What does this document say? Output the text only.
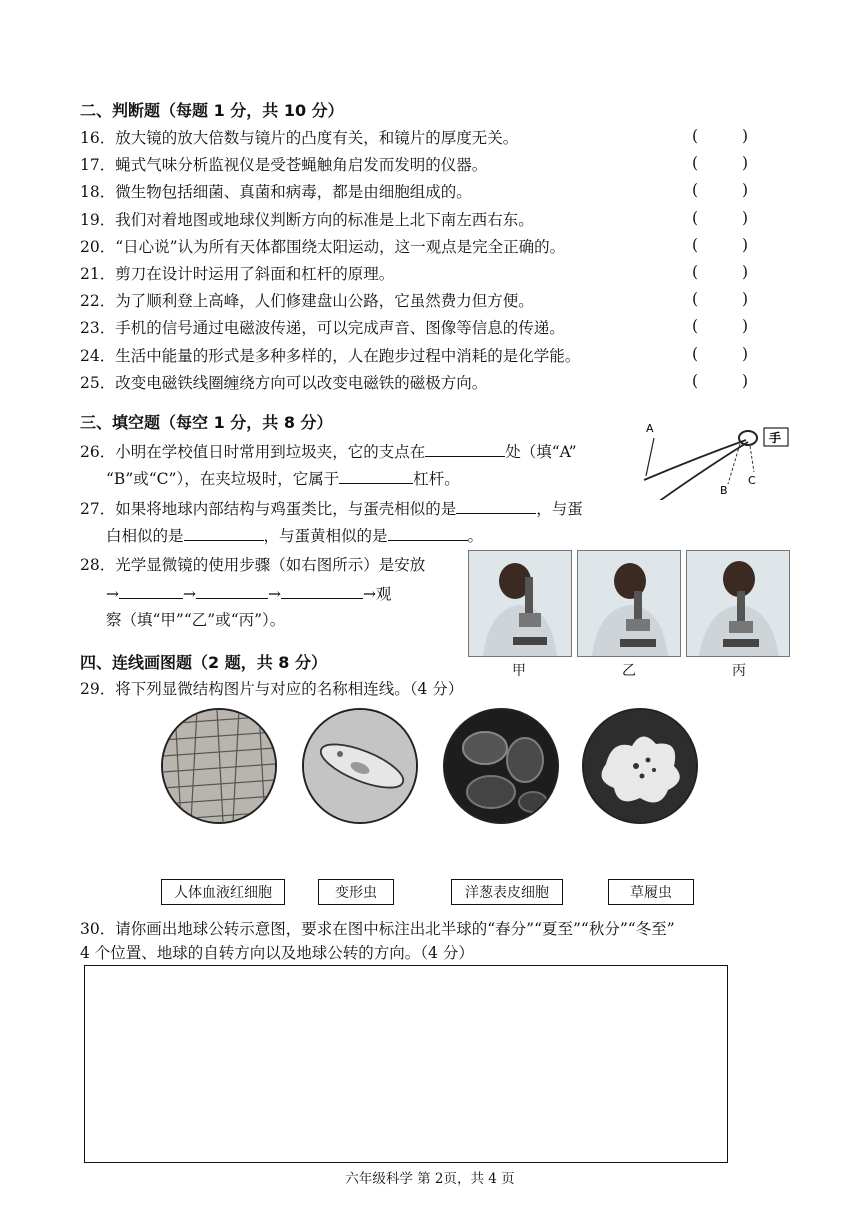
二、判断题（每题 1 分，共 10 分）
16．放大镜的放大倍数与镜片的凸度有关，和镜片的厚度无关。	(	)
17．蝇式气味分析监视仪是受苍蝇触角启发而发明的仪器。	(	)
18．微生物包括细菌、真菌和病毒，都是由细胞组成的。	(	)
19．我们对着地图或地球仪判断方向的标准是上北下南左西右东。	(	)
20．“日心说”认为所有天体都围绕太阳运动，这一观点是完全正确的。	(	)
21．剪刀在设计时运用了斜面和杠杆的原理。	(	)
22．为了顺利登上高峰，人们修建盘山公路，它虽然费力但方便。	(	)
23．手机的信号通过电磁波传递，可以完成声音、图像等信息的传递。	(	)
24．生活中能量的形式是多种多样的，人在跑步过程中消耗的是化学能。	(	)
25．改变电磁铁线圈缠绕方向可以改变电磁铁的磁极方向。	(	)
三、填空题（每空 1 分，共 8 分）
26．小明在学校值日时常用到垃圾夹，它的支点在	处（填“A”
“B”或“C”），在夹垃圾时，它属于	杠杆。
27．如果将地球内部结构与鸡蛋类比，与蛋壳相似的是	，与蛋
白相似的是	，与蛋黄相似的是	。
28．光学显微镜的使用步骤（如右图所示）是安放
→	→	→	→观
察（填“甲”“乙”或“丙”）。
A
B
C
手
甲	乙	丙
四、连线画图题（2 题，共 8 分）
29．将下列显微结构图片与对应的名称相连线。（4 分）
人体血液红细胞	变形虫	洋葱表皮细胞	草履虫
30．请你画出地球公转示意图，要求在图中标注出北半球的“春分”“夏至”“秋分”“冬至”
4 个位置、地球的自转方向以及地球公转的方向。（4 分）
六年级科学 第 2页，共 4 页
